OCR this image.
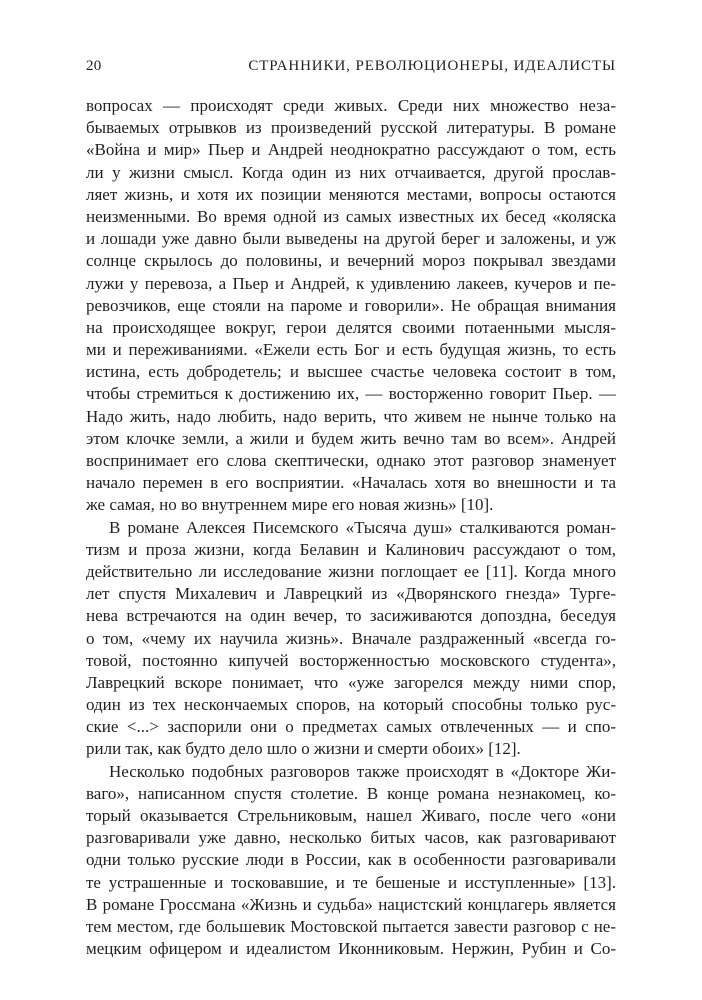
20	СТРАННИКИ, РЕВОЛЮЦИОНЕРЫ, ИДЕАЛИСТЫ
вопросах — происходят среди живых. Среди них множество неза-
бываемых отрывков из произведений русской литературы. В романе
«Война и мир» Пьер и Андрей неоднократно рассуждают о том, есть
ли у жизни смысл. Когда один из них отчаивается, другой прослав-
ляет жизнь, и хотя их позиции меняются местами, вопросы остаются
неизменными. Во время одной из самых известных их бесед «коляска
и лошади уже давно были выведены на другой берег и заложены, и уж
солнце скрылось до половины, и вечерний мороз покрывал звездами
лужи у перевоза, а Пьер и Андрей, к удивлению лакеев, кучеров и пе-
ревозчиков, еще стояли на пароме и говорили». Не обращая внимания
на происходящее вокруг, герои делятся своими потаенными мысля-
ми и переживаниями. «Ежели есть Бог и есть будущая жизнь, то есть
истина, есть добродетель; и высшее счастье человека состоит в том,
чтобы стремиться к достижению их, — восторженно говорит Пьер. —
Надо жить, надо любить, надо верить, что живем не нынче только на
этом клочке земли, а жили и будем жить вечно там во всем». Андрей
воспринимает его слова скептически, однако этот разговор знаменует
начало перемен в его восприятии. «Началась хотя во внешности и та
же самая, но во внутреннем мире его новая жизнь» [10].
В романе Алексея Писемского «Тысяча душ» сталкиваются роман-
тизм и проза жизни, когда Белавин и Калинович рассуждают о том,
действительно ли исследование жизни поглощает ее [11]. Когда много
лет спустя Михалевич и Лаврецкий из «Дворянского гнезда» Турге-
нева встречаются на один вечер, то засиживаются допоздна, беседуя
о том, «чему их научила жизнь». Вначале раздраженный «всегда го-
товой, постоянно кипучей восторженностью московского студента»,
Лаврецкий вскоре понимает, что «уже загорелся между ними спор,
один из тех нескончаемых споров, на который способны только рус-
ские <...> заспорили они о предметах самых отвлеченных — и спо-
рили так, как будто дело шло о жизни и смерти обоих» [12].
Несколько подобных разговоров также происходят в «Докторе Жи-
ваго», написанном спустя столетие. В конце романа незнакомец, ко-
торый оказывается Стрельниковым, нашел Живаго, после чего «они
разговаривали уже давно, несколько битых часов, как разговаривают
одни только русские люди в России, как в особенности разговаривали
те устрашенные и тосковавшие, и те бешеные и исступленные» [13].
В романе Гроссмана «Жизнь и судьба» нацистский концлагерь является
тем местом, где большевик Мостовской пытается завести разговор с не-
мецким офицером и идеалистом Иконниковым. Нержин, Рубин и Со-
